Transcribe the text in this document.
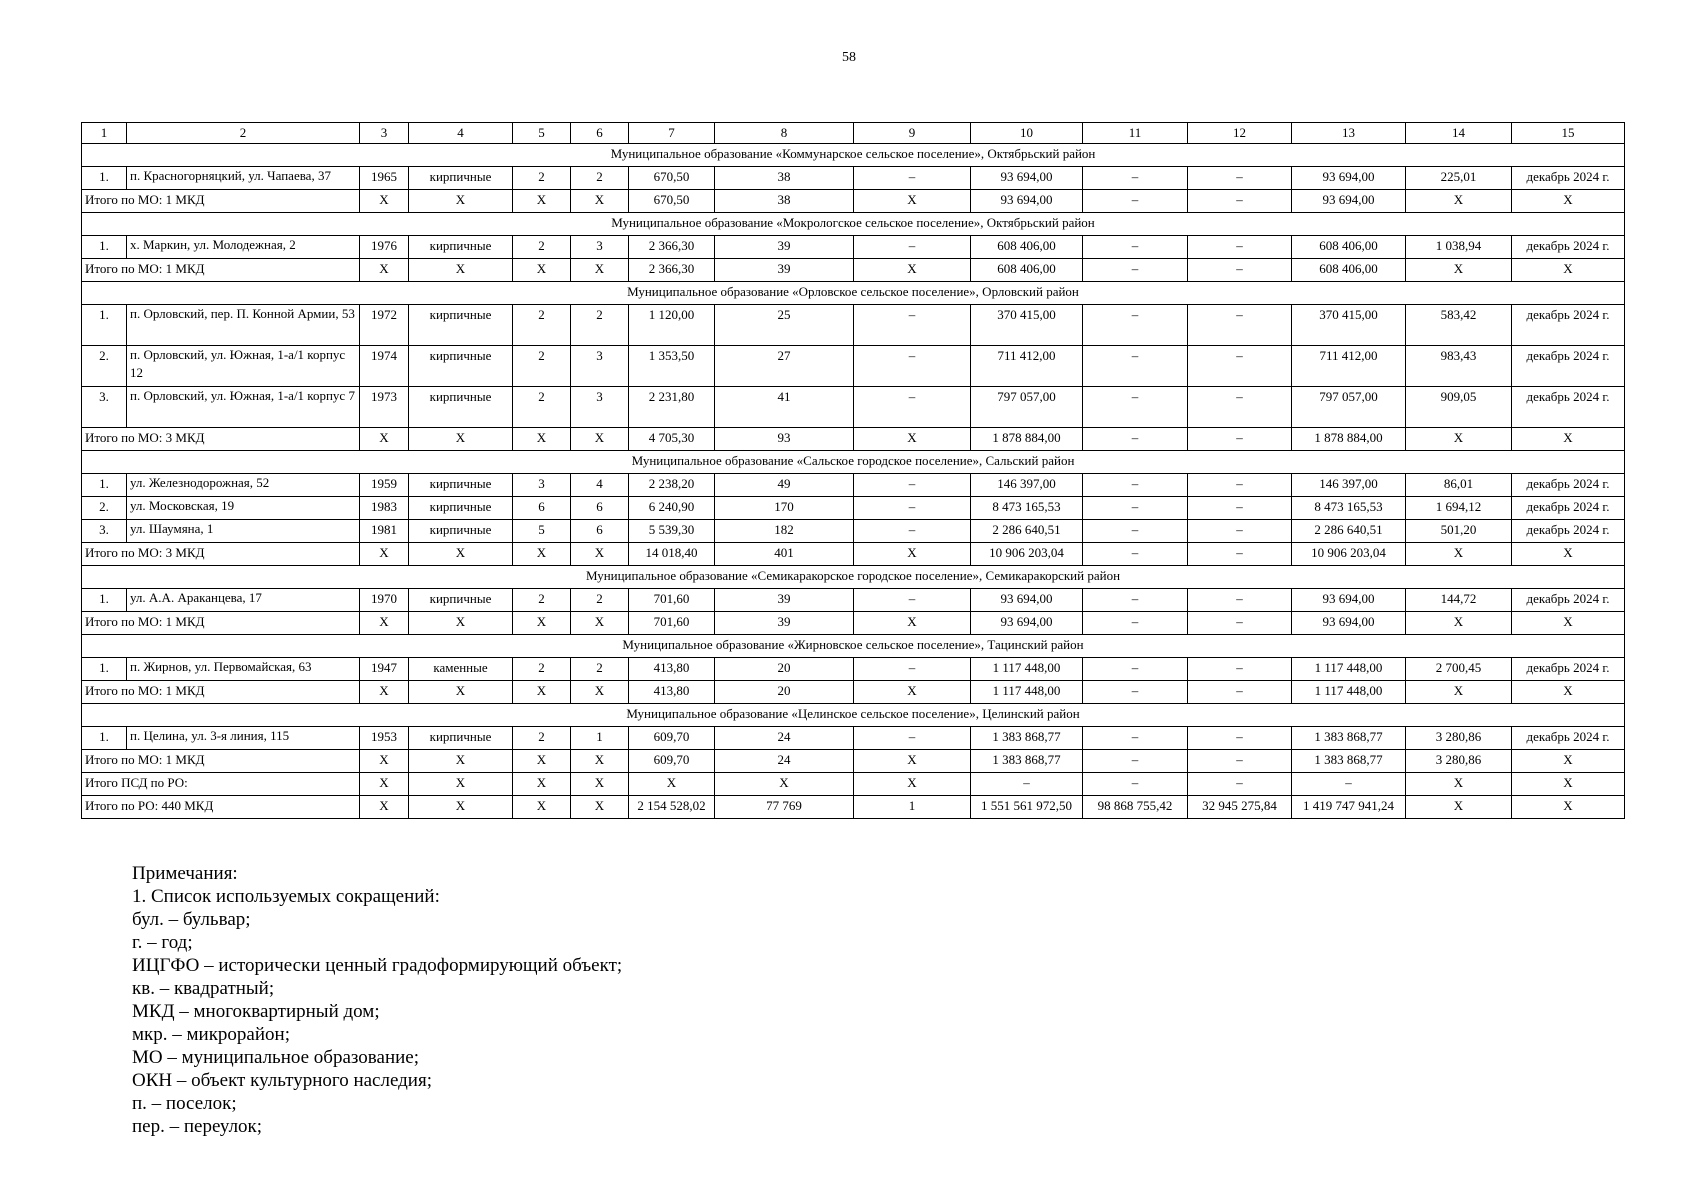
58
1	2	3	4	5	6	7	8	9	10	11	12	13	14	15
Муниципальное образование «Коммунарское сельское поселение», Октябрьский район														
1.	п. Красногорняцкий, ул. Чапаева, 37	1965	кирпичные	2	2	670,50	38	–	93 694,00	–	–	93 694,00	225,01	декабрь 2024 г.
Итого по МО: 1 МКД		Х	Х	Х	Х	670,50	38	Х	93 694,00	–	–	93 694,00	Х	Х
Муниципальное образование «Мокрологское сельское поселение», Октябрьский район														
1.	х. Маркин, ул. Молодежная, 2	1976	кирпичные	2	3	2 366,30	39	–	608 406,00	–	–	608 406,00	1 038,94	декабрь 2024 г.
Итого по МО: 1 МКД		Х	Х	Х	Х	2 366,30	39	Х	608 406,00	–	–	608 406,00	Х	Х
Муниципальное образование «Орловское сельское поселение», Орловский район														
1.	п. Орловский, пер. П. Конной Армии, 53	1972	кирпичные	2	2	1 120,00	25	–	370 415,00	–	–	370 415,00	583,42	декабрь 2024 г.
2.	п. Орловский, ул. Южная, 1-а/1 корпус 12	1974	кирпичные	2	3	1 353,50	27	–	711 412,00	–	–	711 412,00	983,43	декабрь 2024 г.
3.	п. Орловский, ул. Южная, 1-а/1 корпус 7	1973	кирпичные	2	3	2 231,80	41	–	797 057,00	–	–	797 057,00	909,05	декабрь 2024 г.
Итого по МО: 3 МКД		Х	Х	Х	Х	4 705,30	93	Х	1 878 884,00	–	–	1 878 884,00	Х	Х
Муниципальное образование «Сальское городское поселение», Сальский район														
1.	ул. Железнодорожная, 52	1959	кирпичные	3	4	2 238,20	49	–	146 397,00	–	–	146 397,00	86,01	декабрь 2024 г.
2.	ул. Московская, 19	1983	кирпичные	6	6	6 240,90	170	–	8 473 165,53	–	–	8 473 165,53	1 694,12	декабрь 2024 г.
3.	ул. Шаумяна, 1	1981	кирпичные	5	6	5 539,30	182	–	2 286 640,51	–	–	2 286 640,51	501,20	декабрь 2024 г.
Итого по МО: 3 МКД		Х	Х	Х	Х	14 018,40	401	Х	10 906 203,04	–	–	10 906 203,04	Х	Х
Муниципальное образование «Семикаракорское городское поселение», Семикаракорский район														
1.	ул. А.А. Араканцева, 17	1970	кирпичные	2	2	701,60	39	–	93 694,00	–	–	93 694,00	144,72	декабрь 2024 г.
Итого по МО: 1 МКД		Х	Х	Х	Х	701,60	39	Х	93 694,00	–	–	93 694,00	Х	Х
Муниципальное образование «Жирновское сельское поселение», Тацинский район														
1.	п. Жирнов, ул. Первомайская, 63	1947	каменные	2	2	413,80	20	–	1 117 448,00	–	–	1 117 448,00	2 700,45	декабрь 2024 г.
Итого по МО: 1 МКД		Х	Х	Х	Х	413,80	20	Х	1 117 448,00	–	–	1 117 448,00	Х	Х
Муниципальное образование «Целинское сельское поселение», Целинский район														
1.	п. Целина, ул. 3-я линия, 115	1953	кирпичные	2	1	609,70	24	–	1 383 868,77	–	–	1 383 868,77	3 280,86	декабрь 2024 г.
Итого по МО: 1 МКД		Х	Х	Х	Х	609,70	24	Х	1 383 868,77	–	–	1 383 868,77	3 280,86	Х
Итого ПСД по РО:		Х	Х	Х	Х	Х	Х	Х	–	–	–	–	Х	Х
Итого по РО: 440 МКД		Х	Х	Х	Х	2 154 528,02	77 769	1	1 551 561 972,50	98 868 755,42	32 945 275,84	1 419 747 941,24	Х	Х
Примечания:
1. Список используемых сокращений:
бул. – бульвар;
г. – год;
ИЦГФО – исторически ценный градоформирующий объект;
кв. – квадратный;
МКД – многоквартирный дом;
мкр. – микрорайон;
МО – муниципальное образование;
ОКН – объект культурного наследия;
п. – поселок;
пер. – переулок;
